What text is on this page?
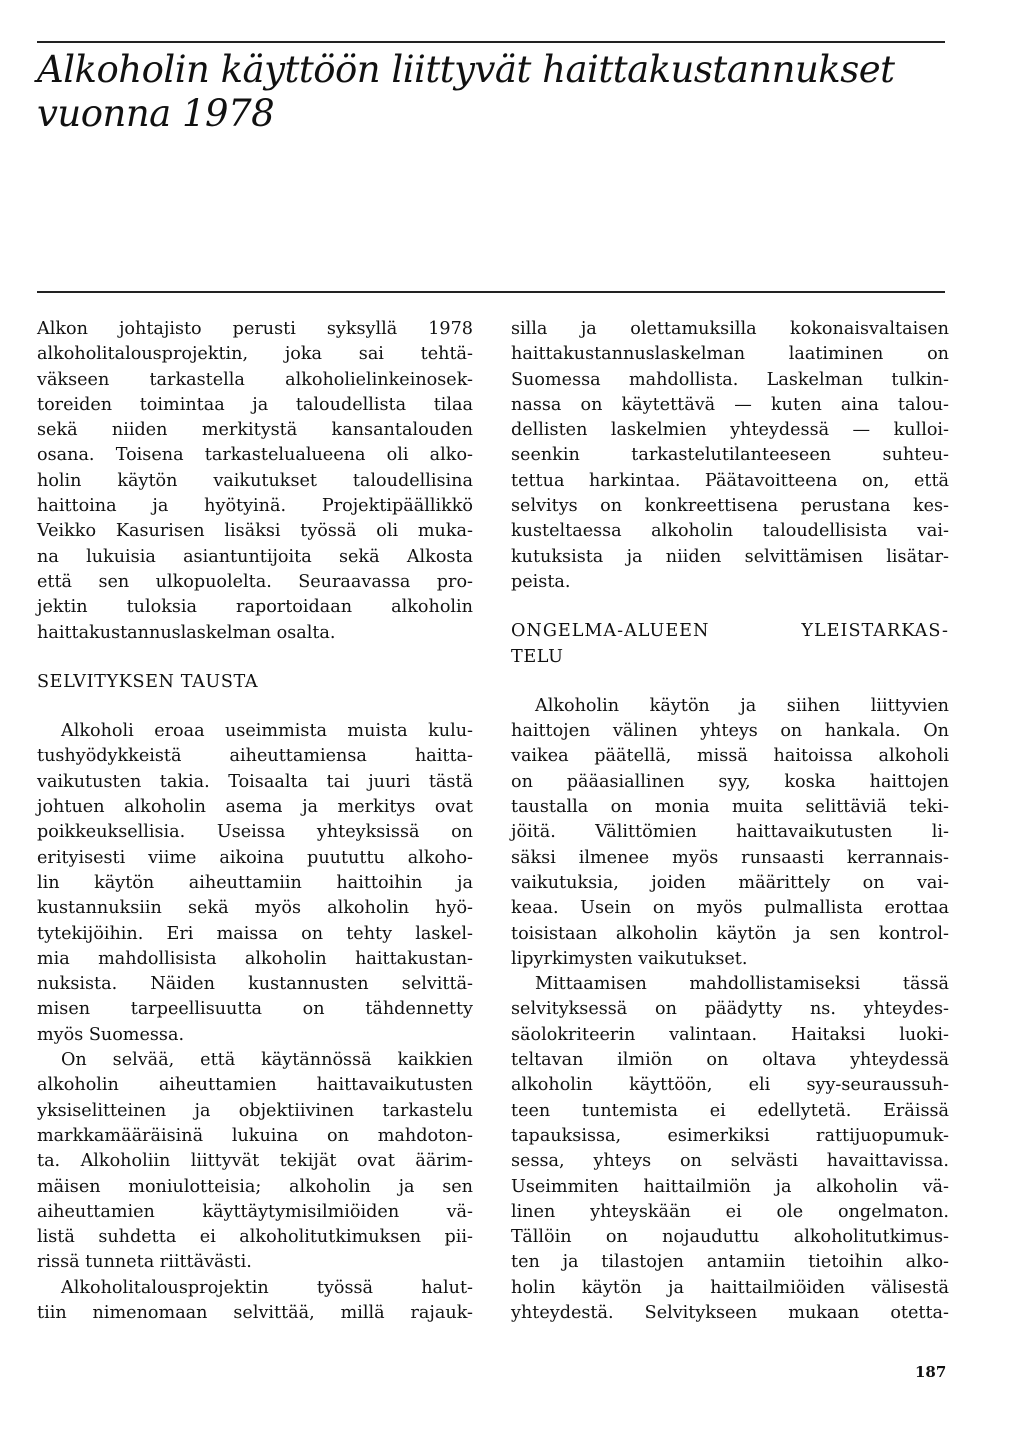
Alkoholin käyttöön liittyvät haittakustannukset
vuonna 1978
Alkon johtajisto perusti syksyllä 1978
alkoholitalousprojektin, joka sai tehtä-
väkseen tarkastella alkoholielinkeinosek-
toreiden toimintaa ja taloudellista tilaa
sekä niiden merkitystä kansantalouden
osana. Toisena tarkastelualueena oli alko-
holin käytön vaikutukset taloudellisina
haittoina ja hyötyinä. Projektipäällikkö
Veikko Kasurisen lisäksi työssä oli muka-
na lukuisia asiantuntijoita sekä Alkosta
että sen ulkopuolelta. Seuraavassa pro-
jektin tuloksia raportoidaan alkoholin
haittakustannuslaskelman osalta.
SELVITYKSEN TAUSTA
Alkoholi eroaa useimmista muista kulu-
tushyödykkeistä aiheuttamiensa haitta-
vaikutusten takia. Toisaalta tai juuri tästä
johtuen alkoholin asema ja merkitys ovat
poikkeuksellisia. Useissa yhteyksissä on
erityisesti viime aikoina puututtu alkoho-
lin käytön aiheuttamiin haittoihin ja
kustannuksiin sekä myös alkoholin hyö-
tytekijöihin. Eri maissa on tehty laskel-
mia mahdollisista alkoholin haittakustan-
nuksista. Näiden kustannusten selvittä-
misen tarpeellisuutta on tähdennetty
myös Suomessa.
On selvää, että käytännössä kaikkien
alkoholin aiheuttamien haittavaikutusten
yksiselitteinen ja objektiivinen tarkastelu
markkamääräisinä lukuina on mahdoton-
ta. Alkoholiin liittyvät tekijät ovat äärim-
mäisen moniulotteisia; alkoholin ja sen
aiheuttamien käyttäytymisilmiöiden vä-
listä suhdetta ei alkoholitutkimuksen pii-
rissä tunneta riittävästi.
Alkoholitalousprojektin työssä halut-
tiin nimenomaan selvittää, millä rajauk-
silla ja olettamuksilla kokonaisvaltaisen
haittakustannuslaskelman laatiminen on
Suomessa mahdollista. Laskelman tulkin-
nassa on käytettävä — kuten aina talou-
dellisten laskelmien yhteydessä — kulloi-
seenkin tarkastelutilanteeseen suhteu-
tettua harkintaa. Päätavoitteena on, että
selvitys on konkreettisena perustana kes-
kusteltaessa alkoholin taloudellisista vai-
kutuksista ja niiden selvittämisen lisätar-
peista.
ONGELMA-ALUEEN YLEISTARKAS-
TELU
Alkoholin käytön ja siihen liittyvien
haittojen välinen yhteys on hankala. On
vaikea päätellä, missä haitoissa alkoholi
on pääasiallinen syy, koska haittojen
taustalla on monia muita selittäviä teki-
jöitä. Välittömien haittavaikutusten li-
säksi ilmenee myös runsaasti kerrannais-
vaikutuksia, joiden määrittely on vai-
keaa. Usein on myös pulmallista erottaa
toisistaan alkoholin käytön ja sen kontrol-
lipyrkimysten vaikutukset.
Mittaamisen mahdollistamiseksi tässä
selvityksessä on päädytty ns. yhteydes-
säolokriteerin valintaan. Haitaksi luoki-
teltavan ilmiön on oltava yhteydessä
alkoholin käyttöön, eli syy-seuraussuh-
teen tuntemista ei edellytetä. Eräissä
tapauksissa, esimerkiksi rattijuopumuk-
sessa, yhteys on selvästi havaittavissa.
Useimmiten haittailmiön ja alkoholin vä-
linen yhteyskään ei ole ongelmaton.
Tällöin on nojauduttu alkoholitutkimus-
ten ja tilastojen antamiin tietoihin alko-
holin käytön ja haittailmiöiden välisestä
yhteydestä. Selvitykseen mukaan otetta-
187
